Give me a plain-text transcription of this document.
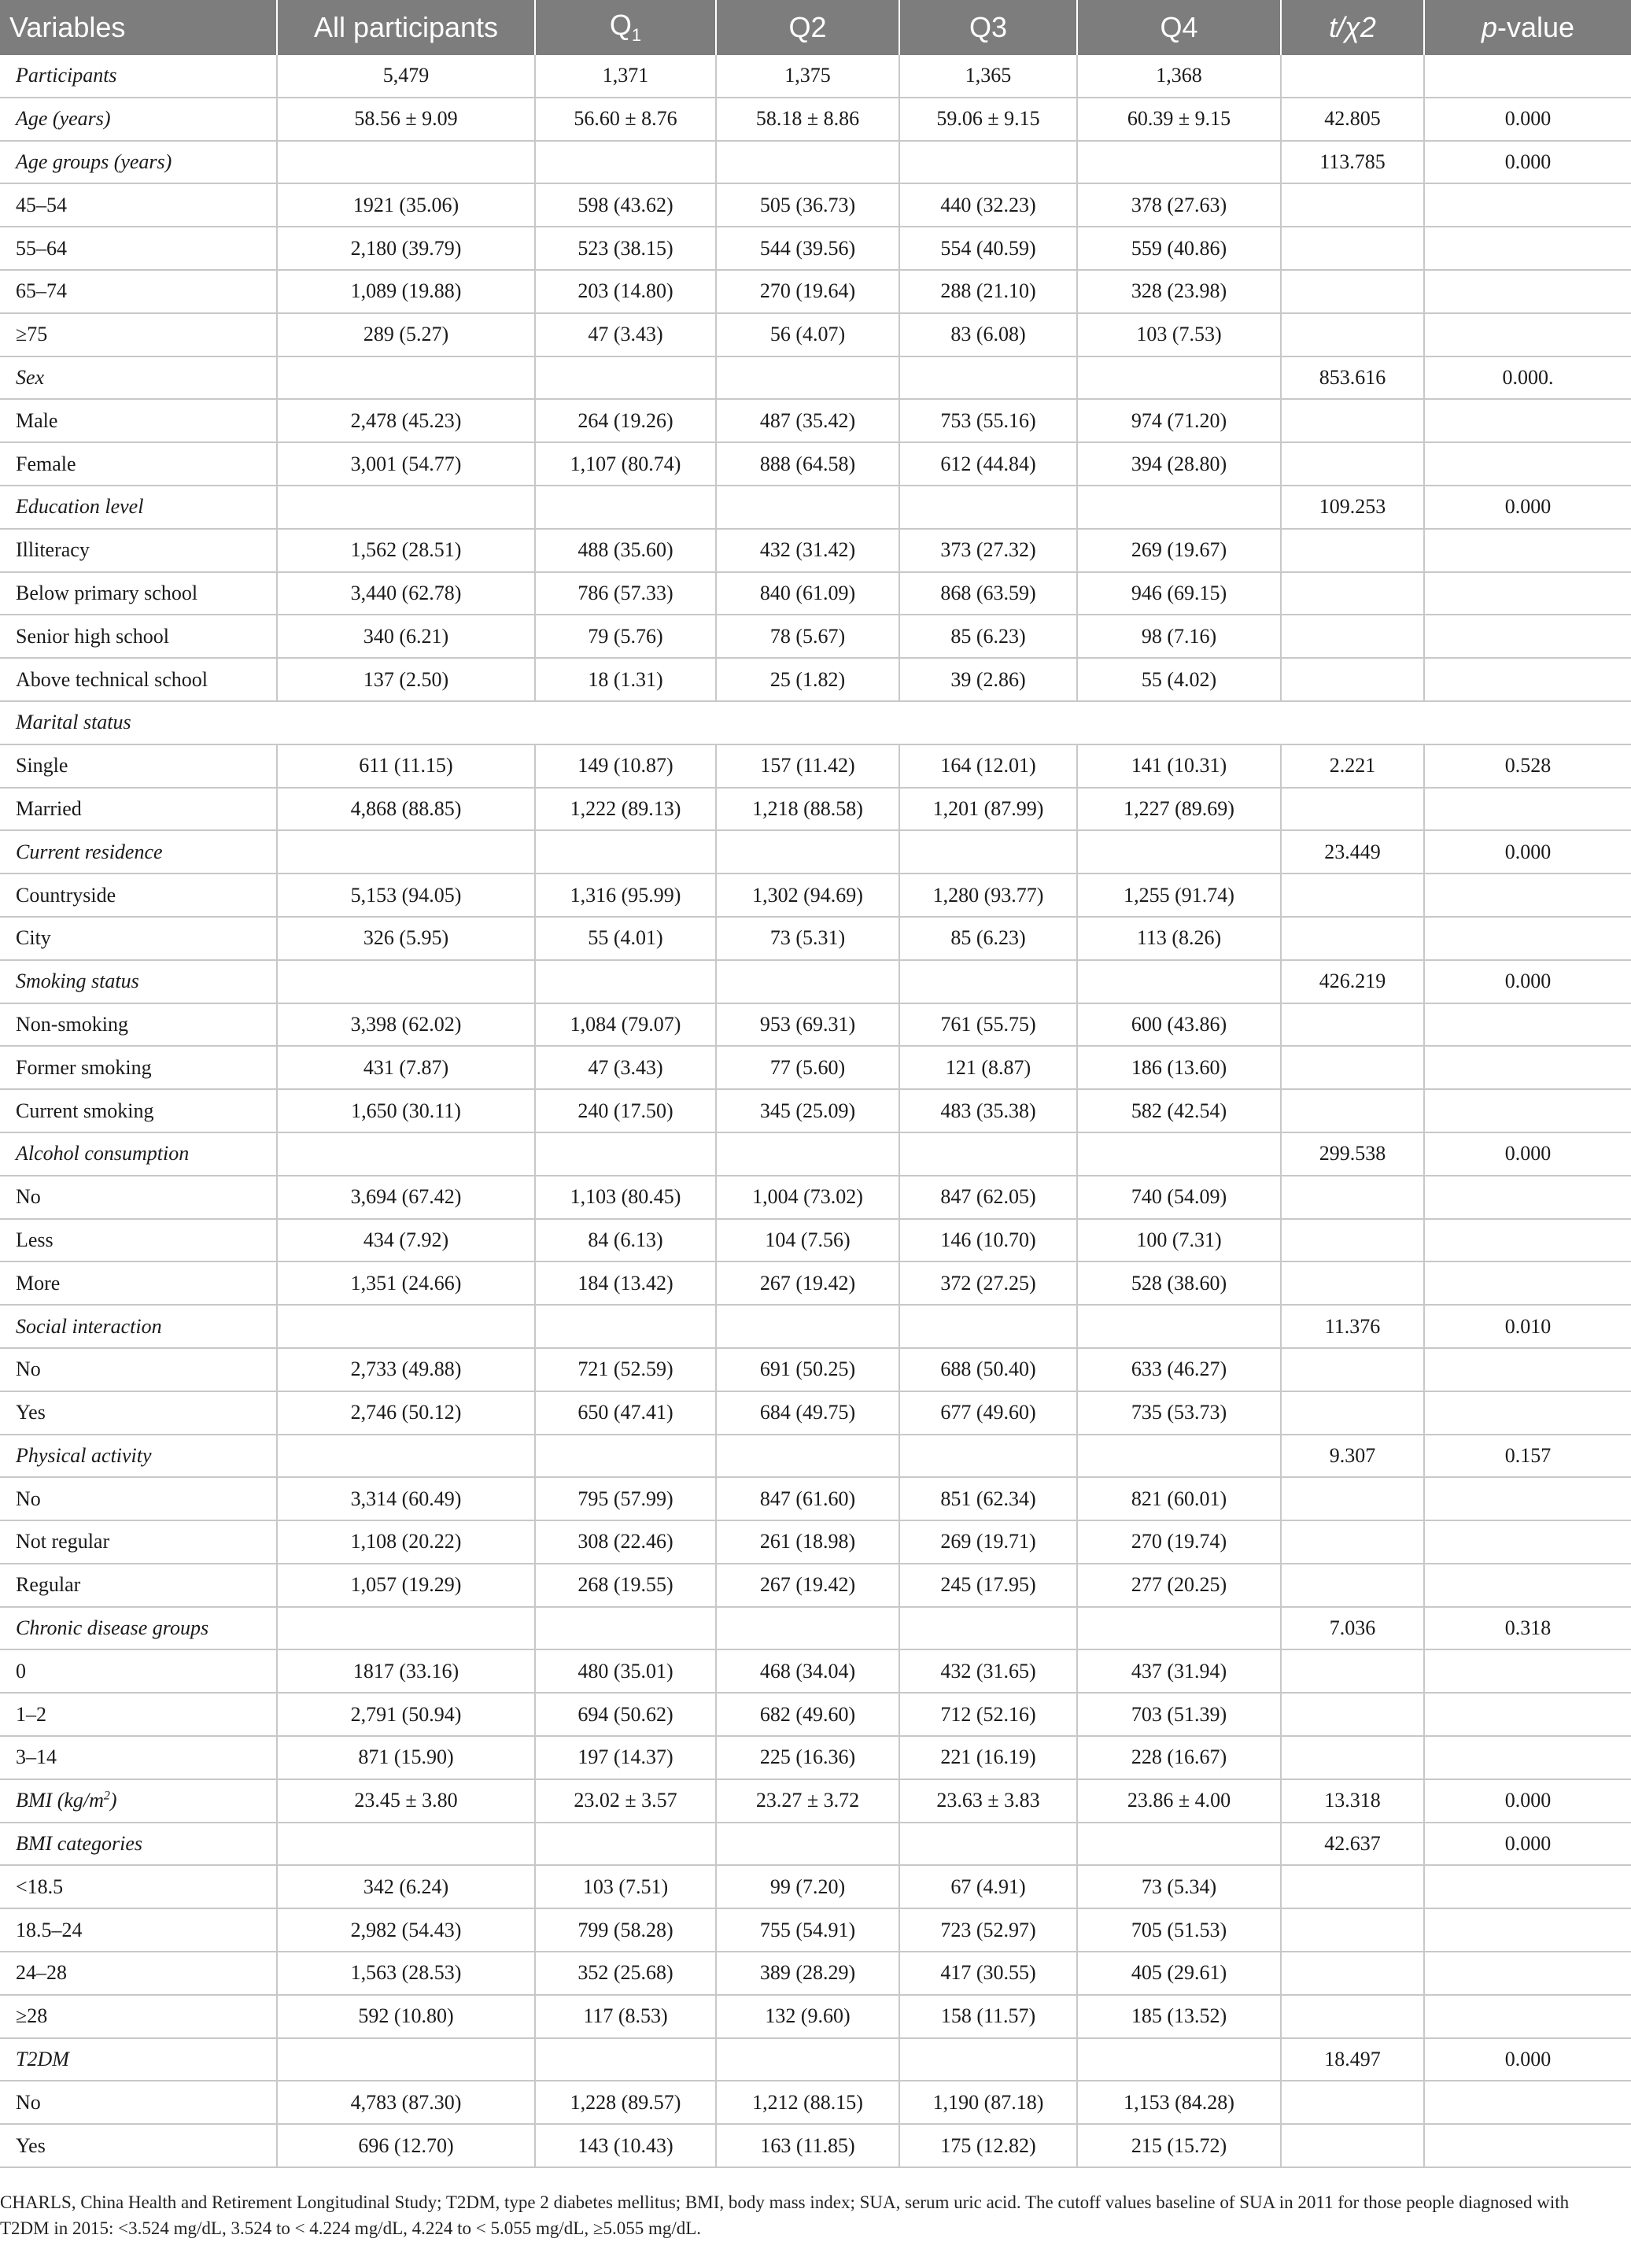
Variables	All participants	$Q_1$	Q2	Q3	Q4	t/χ2	p-value
Participants	5,479	1,371	1,375	1,365	1,368		
Age (years)	58.56 ± 9.09	56.60 ± 8.76	58.18 ± 8.86	59.06 ± 9.15	60.39 ± 9.15	42.805	0.000
Age groups (years)						113.785	0.000
45–54	1921 (35.06)	598 (43.62)	505 (36.73)	440 (32.23)	378 (27.63)		
55–64	2,180 (39.79)	523 (38.15)	544 (39.56)	554 (40.59)	559 (40.86)		
65–74	1,089 (19.88)	203 (14.80)	270 (19.64)	288 (21.10)	328 (23.98)		
≥75	289 (5.27)	47 (3.43)	56 (4.07)	83 (6.08)	103 (7.53)		
Sex						853.616	0.000.
Male	2,478 (45.23)	264 (19.26)	487 (35.42)	753 (55.16)	974 (71.20)		
Female	3,001 (54.77)	1,107 (80.74)	888 (64.58)	612 (44.84)	394 (28.80)		
Education level						109.253	0.000
Illiteracy	1,562 (28.51)	488 (35.60)	432 (31.42)	373 (27.32)	269 (19.67)		
Below primary school	3,440 (62.78)	786 (57.33)	840 (61.09)	868 (63.59)	946 (69.15)		
Senior high school	340 (6.21)	79 (5.76)	78 (5.67)	85 (6.23)	98 (7.16)		
Above technical school	137 (2.50)	18 (1.31)	25 (1.82)	39 (2.86)	55 (4.02)		
Marital status							
Single	611 (11.15)	149 (10.87)	157 (11.42)	164 (12.01)	141 (10.31)	2.221	0.528
Married	4,868 (88.85)	1,222 (89.13)	1,218 (88.58)	1,201 (87.99)	1,227 (89.69)		
Current residence						23.449	0.000
Countryside	5,153 (94.05)	1,316 (95.99)	1,302 (94.69)	1,280 (93.77)	1,255 (91.74)		
City	326 (5.95)	55 (4.01)	73 (5.31)	85 (6.23)	113 (8.26)		
Smoking status						426.219	0.000
Non-smoking	3,398 (62.02)	1,084 (79.07)	953 (69.31)	761 (55.75)	600 (43.86)		
Former smoking	431 (7.87)	47 (3.43)	77 (5.60)	121 (8.87)	186 (13.60)		
Current smoking	1,650 (30.11)	240 (17.50)	345 (25.09)	483 (35.38)	582 (42.54)		
Alcohol consumption						299.538	0.000
No	3,694 (67.42)	1,103 (80.45)	1,004 (73.02)	847 (62.05)	740 (54.09)		
Less	434 (7.92)	84 (6.13)	104 (7.56)	146 (10.70)	100 (7.31)		
More	1,351 (24.66)	184 (13.42)	267 (19.42)	372 (27.25)	528 (38.60)		
Social interaction						11.376	0.010
No	2,733 (49.88)	721 (52.59)	691 (50.25)	688 (50.40)	633 (46.27)		
Yes	2,746 (50.12)	650 (47.41)	684 (49.75)	677 (49.60)	735 (53.73)		
Physical activity						9.307	0.157
No	3,314 (60.49)	795 (57.99)	847 (61.60)	851 (62.34)	821 (60.01)		
Not regular	1,108 (20.22)	308 (22.46)	261 (18.98)	269 (19.71)	270 (19.74)		
Regular	1,057 (19.29)	268 (19.55)	267 (19.42)	245 (17.95)	277 (20.25)		
Chronic disease groups						7.036	0.318
0	1817 (33.16)	480 (35.01)	468 (34.04)	432 (31.65)	437 (31.94)		
1–2	2,791 (50.94)	694 (50.62)	682 (49.60)	712 (52.16)	703 (51.39)		
3–14	871 (15.90)	197 (14.37)	225 (16.36)	221 (16.19)	228 (16.67)		
BMI $(kg/m^2)$	23.45 ± 3.80	23.02 ± 3.57	23.27 ± 3.72	23.63 ± 3.83	23.86 ± 4.00	13.318	0.000
BMI categories						42.637	0.000
<18.5	342 (6.24)	103 (7.51)	99 (7.20)	67 (4.91)	73 (5.34)		
18.5–24	2,982 (54.43)	799 (58.28)	755 (54.91)	723 (52.97)	705 (51.53)		
24–28	1,563 (28.53)	352 (25.68)	389 (28.29)	417 (30.55)	405 (29.61)		
≥28	592 (10.80)	117 (8.53)	132 (9.60)	158 (11.57)	185 (13.52)		
T2DM						18.497	0.000
No	4,783 (87.30)	1,228 (89.57)	1,212 (88.15)	1,190 (87.18)	1,153 (84.28)		
Yes	696 (12.70)	143 (10.43)	163 (11.85)	175 (12.82)	215 (15.72)		
CHARLS, China Health and Retirement Longitudinal Study; T2DM, type 2 diabetes mellitus; BMI, body mass index; SUA, serum uric acid. The cutoff values baseline of SUA in 2011 for those people diagnosed with T2DM in 2015: <3.524 mg/dL, 3.524 to < 4.224 mg/dL, 4.224 to < 5.055 mg/dL, ≥5.055 mg/dL.
